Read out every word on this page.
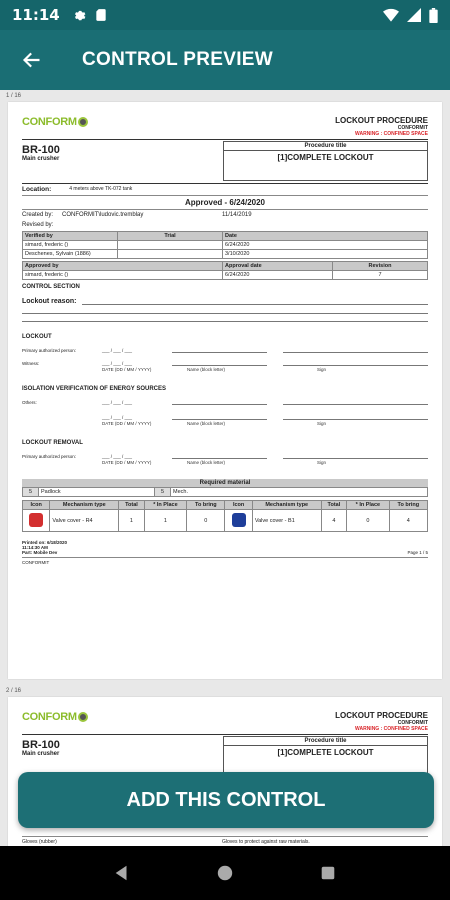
11:14
CONTROL PREVIEW
1 / 16
CONFORM	LOCKOUT PROCEDURE
CONFORMIT
WARNING : CONFINED SPACE
BR-100
Main crusher
Procedure title
[1]COMPLETE LOCKOUT
Location:	4 meters above TK-072 tank
Approved - 6/24/2020
Created by:	CONFORMIT\ludovic.tremblay	11/14/2019
Revised by:
Verified by	Trial	Date
simard, frederic ()		6/24/2020
Deschenes, Sylvain (1886)		3/10/2020
Approved by	Approval date	Revision
simard, frederic ()	6/24/2020	7
CONTROL SECTION
Lockout reason:
LOCKOUT
Primary authorized person:	___ / ___ / ___
Witness:	___ / ___ / ___
DATE (DD / MM / YYYY)	Name (block letter)	Sign
ISOLATION VERIFICATION OF ENERGY SOURCES
Others:	___ / ___ / ___
___ / ___ / ___
DATE (DD / MM / YYYY)	Name (block letter)	Sign
LOCKOUT REMOVAL
Primary authorized person:	___ / ___ / ___
DATE (DD / MM / YYYY)	Name (block letter)	Sign
Required material
5	Padlock	5	Mech.
Icon	Mechanism type	Total	* In Place	To bring	Icon	Mechanism type	Total	* In Place	To bring
	Valve cover - R4	1	1	0		Valve cover - B1	4	0	4
Printed on: 6/18/2020
11:14:30 AM
Part: Mobile Dev	Page 1 / 5
CONFORMIT
2 / 16
CONFORM	LOCKOUT PROCEDURE
CONFORMIT
WARNING : CONFINED SPACE
BR-100
Main crusher
Procedure title
[1]COMPLETE LOCKOUT
Gloves (rubber)	Gloves to protect against raw materials.
ADD THIS CONTROL
